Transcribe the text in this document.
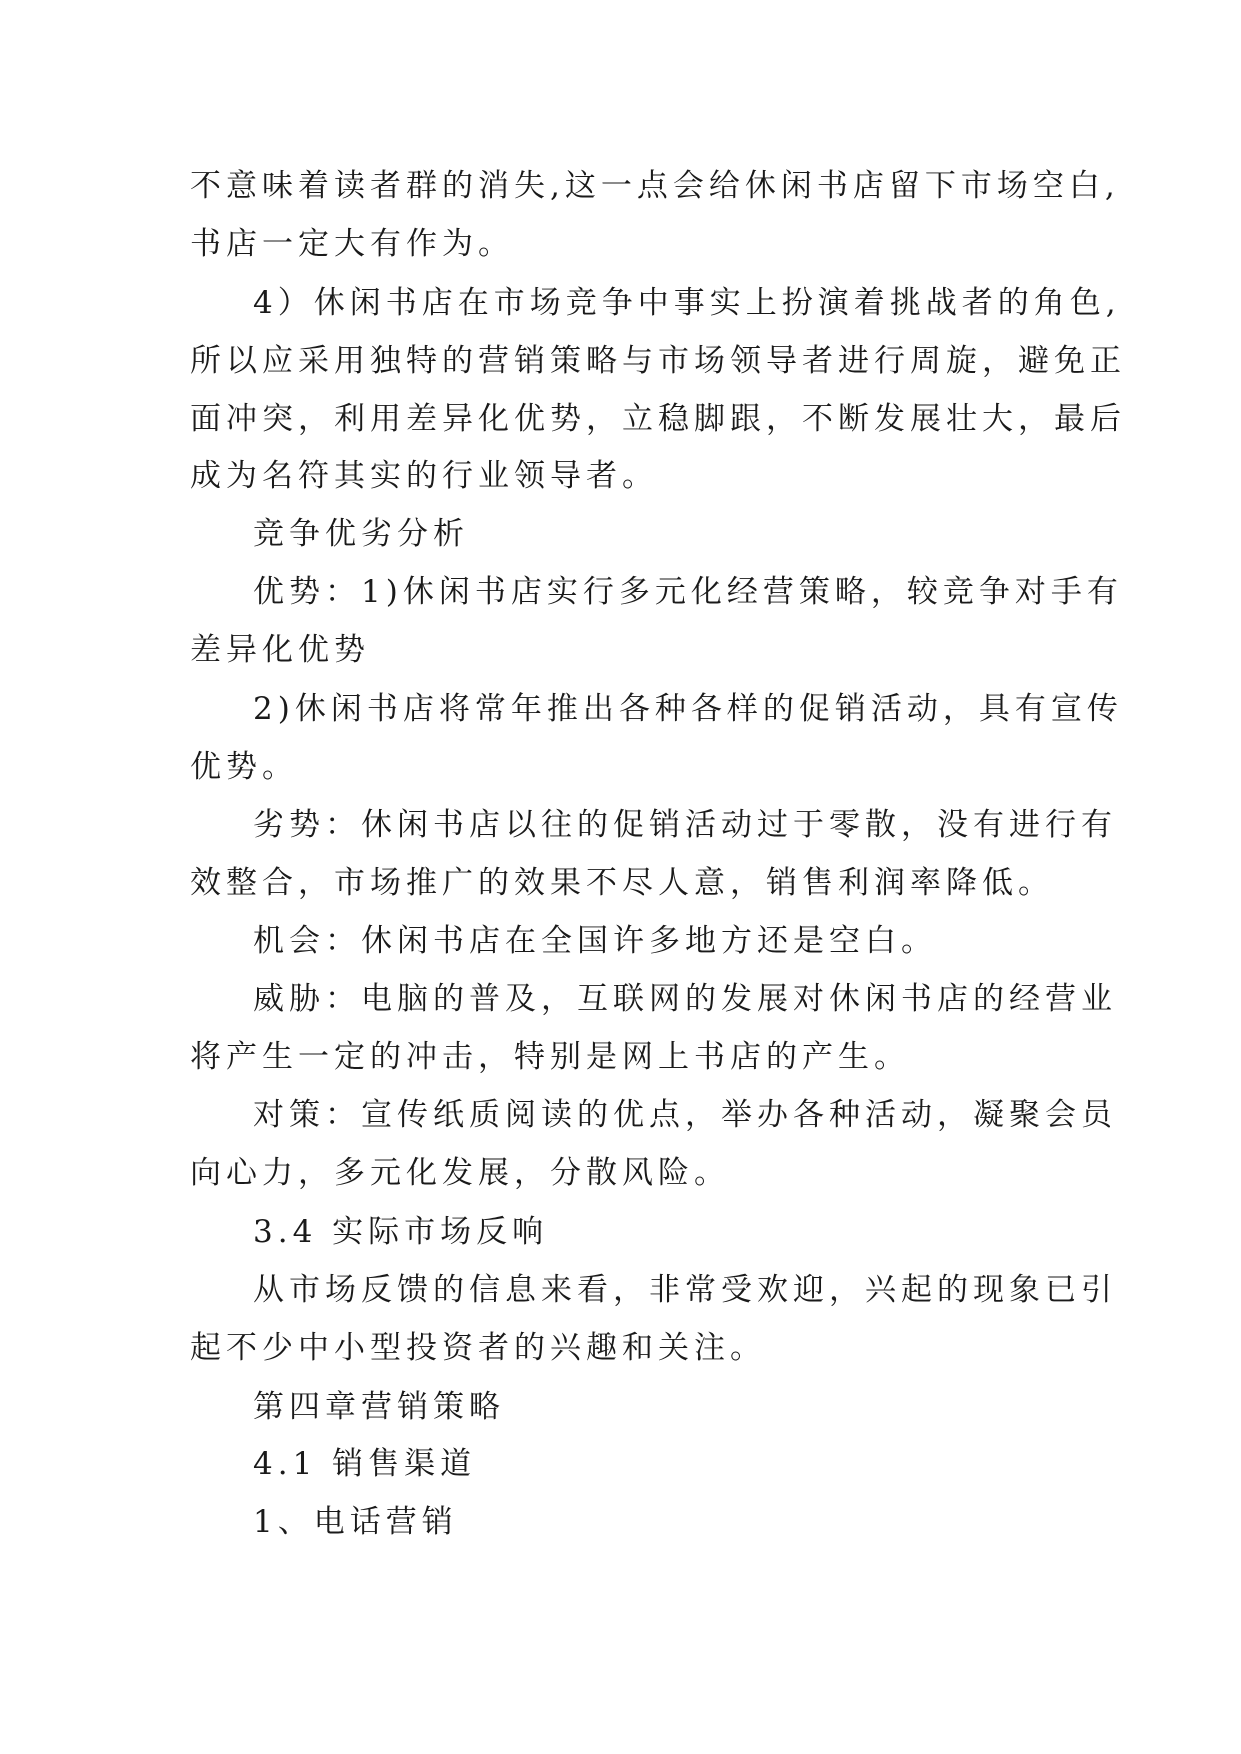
不意味着读者群的消失,这一点会给休闲书店留下市场空白,
书店一定大有作为。
4）休闲书店在市场竞争中事实上扮演着挑战者的角色,
所以应采用独特的营销策略与市场领导者进行周旋，避免正
面冲突，利用差异化优势，立稳脚跟，不断发展壮大，最后
成为名符其实的行业领导者。
竞争优劣分析
优势：1)休闲书店实行多元化经营策略，较竞争对手有
差异化优势
2)休闲书店将常年推出各种各样的促销活动，具有宣传
优势。
劣势：休闲书店以往的促销活动过于零散，没有进行有
效整合，市场推广的效果不尽人意，销售利润率降低。
机会：休闲书店在全国许多地方还是空白。
威胁：电脑的普及，互联网的发展对休闲书店的经营业
将产生一定的冲击，特别是网上书店的产生。
对策：宣传纸质阅读的优点，举办各种活动，凝聚会员
向心力，多元化发展，分散风险。
3.4 实际市场反响
从市场反馈的信息来看，非常受欢迎，兴起的现象已引
起不少中小型投资者的兴趣和关注。
第四章营销策略
4.1 销售渠道
1、电话营销
